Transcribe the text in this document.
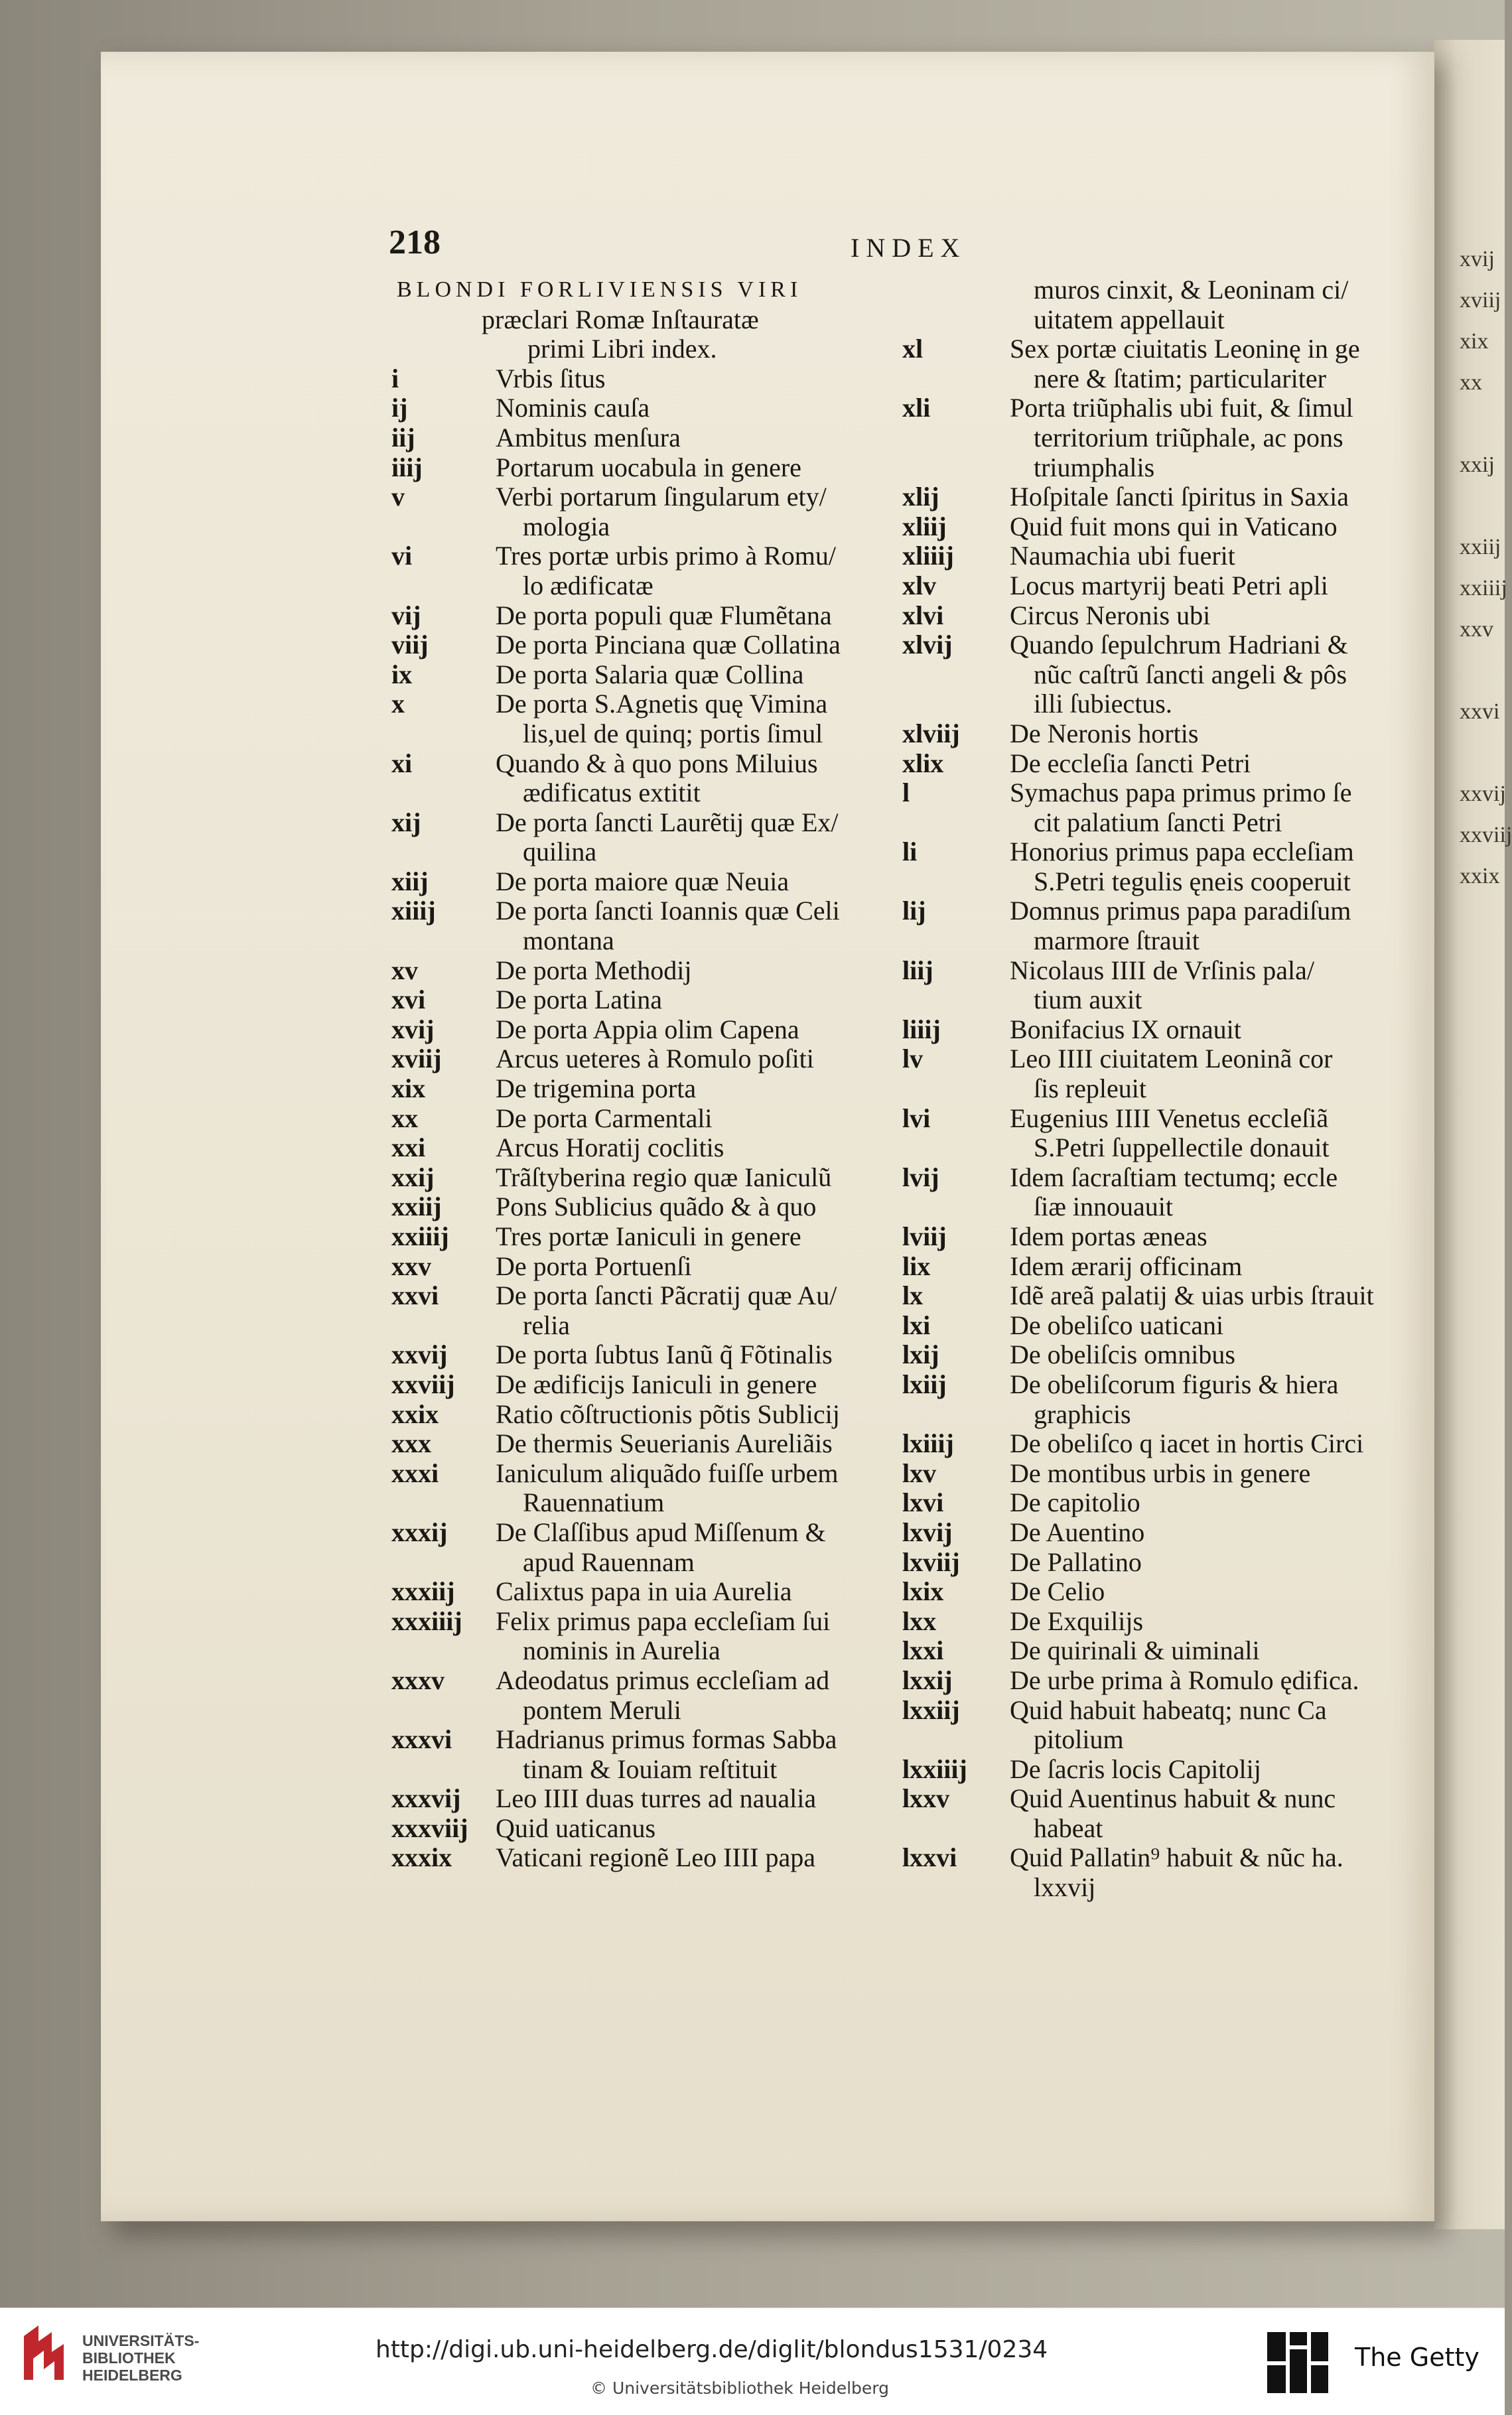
xvij
xviij
xix
xx
xxij
xxiij
xxiiij
xxv
xxvi
xxvij
xxviij
xxix
218	INDEX
BLONDI FORLIVIENSIS VIRI
præclari Romæ Inſtauratæ
primi Libri index.
i	Vrbis ſitus
ij	Nominis cauſa
iij	Ambitus menſura
iiij	Portarum uocabula in genere
v	Verbi portarum ſingularum ety/
mologia
vi	Tres portæ urbis primo à Romu/
lo ædificatæ
vij	De porta populi quæ Flumẽtana
viij	De porta Pinciana quæ Collatina
ix	De porta Salaria quæ Collina
x	De porta S.Agnetis quę Vimina
lis,uel de quinq; portis ſimul
xi	Quando & à quo pons Miluius
ædificatus extitit
xij	De porta ſancti Laurẽtij quæ Ex/
quilina
xiij	De porta maiore quæ Neuia
xiiij De porta ſancti Ioannis quæ Celi
montana
xv	De porta Methodij
xvi	De porta Latina
xvij De porta Appia olim Capena
xviij Arcus ueteres à Romulo poſiti
xix	De trigemina porta
xx	De porta Carmentali
xxi	Arcus Horatij coclitis
xxij Trãſtyberina regio quæ Ianiculũ
xxiij Pons Sublicius quãdo & à quo
xxiiij Tres portæ Ianiculi in genere
xxv De porta Portuenſi
xxvi De porta ſancti Pãcratij quæ Au/
relia
xxvij De porta ſubtus Ianũ q̃ Fõtinalis
xxviij De ædificijs Ianiculi in genere
xxix Ratio cõſtructionis põtis Sublicij
xxx De thermis Seuerianis Aureliãis
xxxi Ianiculum aliquãdo fuiſſe urbem
Rauennatium
xxxij De Claſſibus apud Miſſenum &
apud Rauennam
xxxiij Calixtus papa in uia Aurelia
xxxiiij Felix primus papa eccleſiam ſui
nominis in Aurelia
xxxv Adeodatus primus eccleſiam ad
pontem Meruli
xxxvi Hadrianus primus formas Sabba
tinam & Iouiam reſtituit
xxxvij Leo IIII duas turres ad naualia
xxxviij Quid uaticanus
xxxix Vaticani regionẽ Leo IIII papa
muros cinxit, & Leoninam ci/
uitatem appellauit
xl	Sex portæ ciuitatis Leoninę in ge
nere & ſtatim; particulariter
xli	Porta triũphalis ubi fuit, & ſimul
territorium triũphale, ac pons
triumphalis
xlij	Hoſpitale ſancti ſpiritus in Saxia
xliij Quid fuit mons qui in Vaticano
xliiij Naumachia ubi fuerit
xlv	Locus martyrij beati Petri apli
xlvi Circus Neronis ubi
xlvij Quando ſepulchrum Hadriani &
nũc caſtrũ ſancti angeli & pôs
illi ſubiectus.
xlviij De Neronis hortis
xlix De eccleſia ſancti Petri
l	Symachus papa primus primo ſe
cit palatium ſancti Petri
li	Honorius primus papa eccleſiam
S.Petri tegulis ęneis cooperuit
lij	Domnus primus papa paradiſum
marmore ſtrauit
liij	Nicolaus IIII de Vrſinis pala/
tium auxit
liiij	Bonifacius IX ornauit
lv	Leo IIII ciuitatem Leoninã cor
ſis repleuit
lvi	Eugenius IIII Venetus eccleſiã
S.Petri ſuppellectile donauit
lvij	Idem ſacraſtiam tectumq; eccle
ſiæ innouauit
lviij Idem portas æneas
lix	Idem ærarij officinam
lx	Idẽ areã palatij & uias urbis ſtrauit
lxi	De obeliſco uaticani
lxij	De obeliſcis omnibus
lxiij De obeliſcorum figuris & hiera
graphicis
lxiiij De obeliſco q iacet in hortis Circi
lxv	De montibus urbis in genere
lxvi De capitolio
lxvij De Auentino
lxviij De Pallatino
lxix De Celio
lxx	De Exquilijs
lxxi De quirinali & uiminali
lxxij De urbe prima à Romulo ędifica.
lxxiij Quid habuit habeatq; nunc Ca
pitolium
lxxiiij De ſacris locis Capitolij
lxxv Quid Auentinus habuit & nunc
habeat
lxxvi Quid Pallatin⁹ habuit & nũc ha.
lxxvij
UNIVERSITÄTS-
BIBLIOTHEK
HEIDELBERG
http://digi.ub.uni-heidelberg.de/diglit/blondus1531/0234
© Universitätsbibliothek Heidelberg
The Getty
